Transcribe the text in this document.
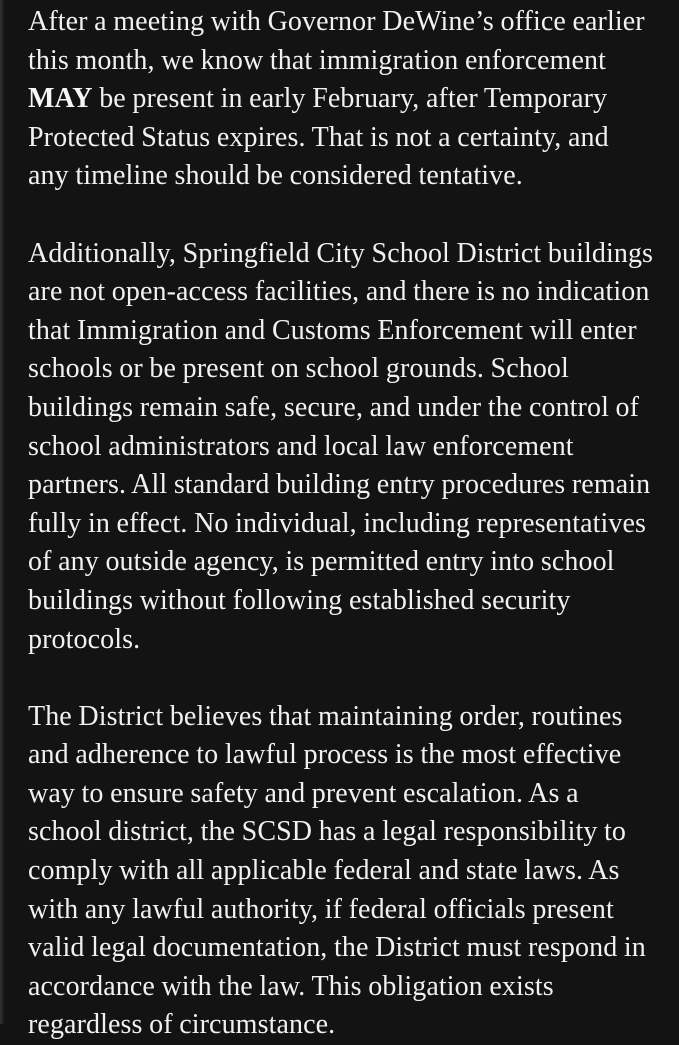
After a meeting with Governor DeWine’s office earlier this month, we know that immigration enforcement MAY be present in early February, after Temporary Protected Status expires. That is not a certainty, and any timeline should be considered tentative.

Additionally, Springfield City School District buildings are not open-access facilities, and there is no indication that Immigration and Customs Enforcement will enter schools or be present on school grounds. School buildings remain safe, secure, and under the control of school administrators and local law enforcement partners. All standard building entry procedures remain fully in effect. No individual, including representatives of any outside agency, is permitted entry into school buildings without following established security protocols.

The District believes that maintaining order, routines and adherence to lawful process is the most effective way to ensure safety and prevent escalation. As a school district, the SCSD has a legal responsibility to comply with all applicable federal and state laws. As with any lawful authority, if federal officials present valid legal documentation, the District must respond in accordance with the law. This obligation exists regardless of circumstance.
